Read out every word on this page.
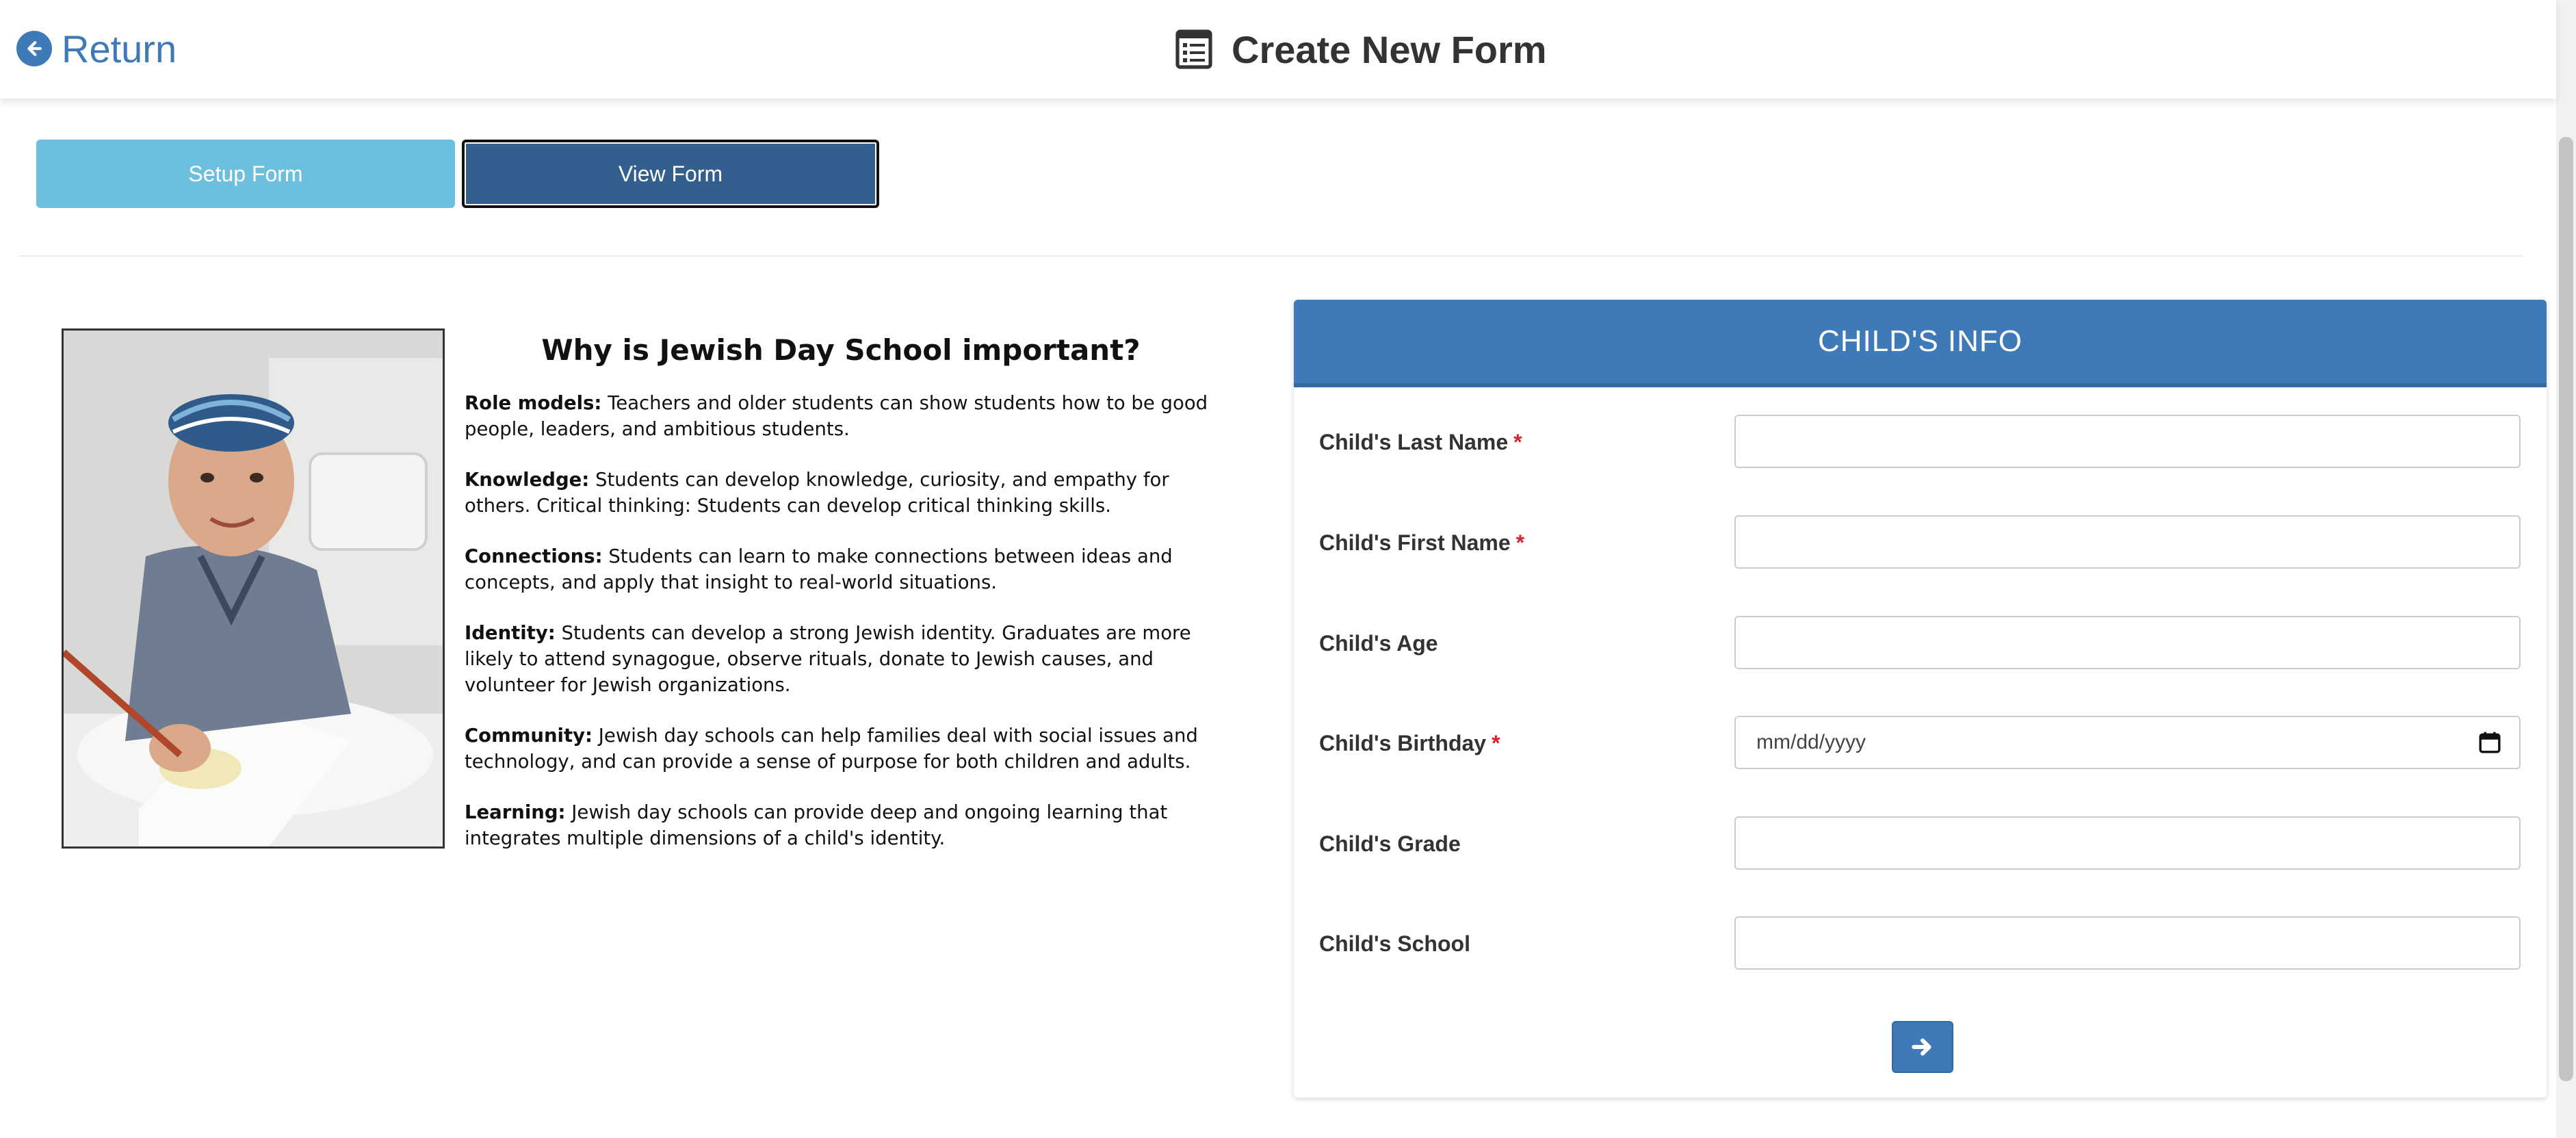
Return	Create New Form
Setup Form	View Form
Why is Jewish Day School important?

Role models: Teachers and older students can show students how to be good people, leaders, and ambitious students.

Knowledge: Students can develop knowledge, curiosity, and empathy for others. Critical thinking: Students can develop critical thinking skills.

Connections: Students can learn to make connections between ideas and concepts, and apply that insight to real-world situations.

Identity: Students can develop a strong Jewish identity. Graduates are more likely to attend synagogue, observe rituals, donate to Jewish causes, and volunteer for Jewish organizations.

Community: Jewish day schools can help families deal with social issues and technology, and can provide a sense of purpose for both children and adults.

Learning: Jewish day schools can provide deep and ongoing learning that integrates multiple dimensions of a child's identity.

CHILD'S INFO
Child's Last Name *
Child's First Name *
Child's Age
Child's Birthday *	mm/dd/yyyy
Child's Grade
Child's School
